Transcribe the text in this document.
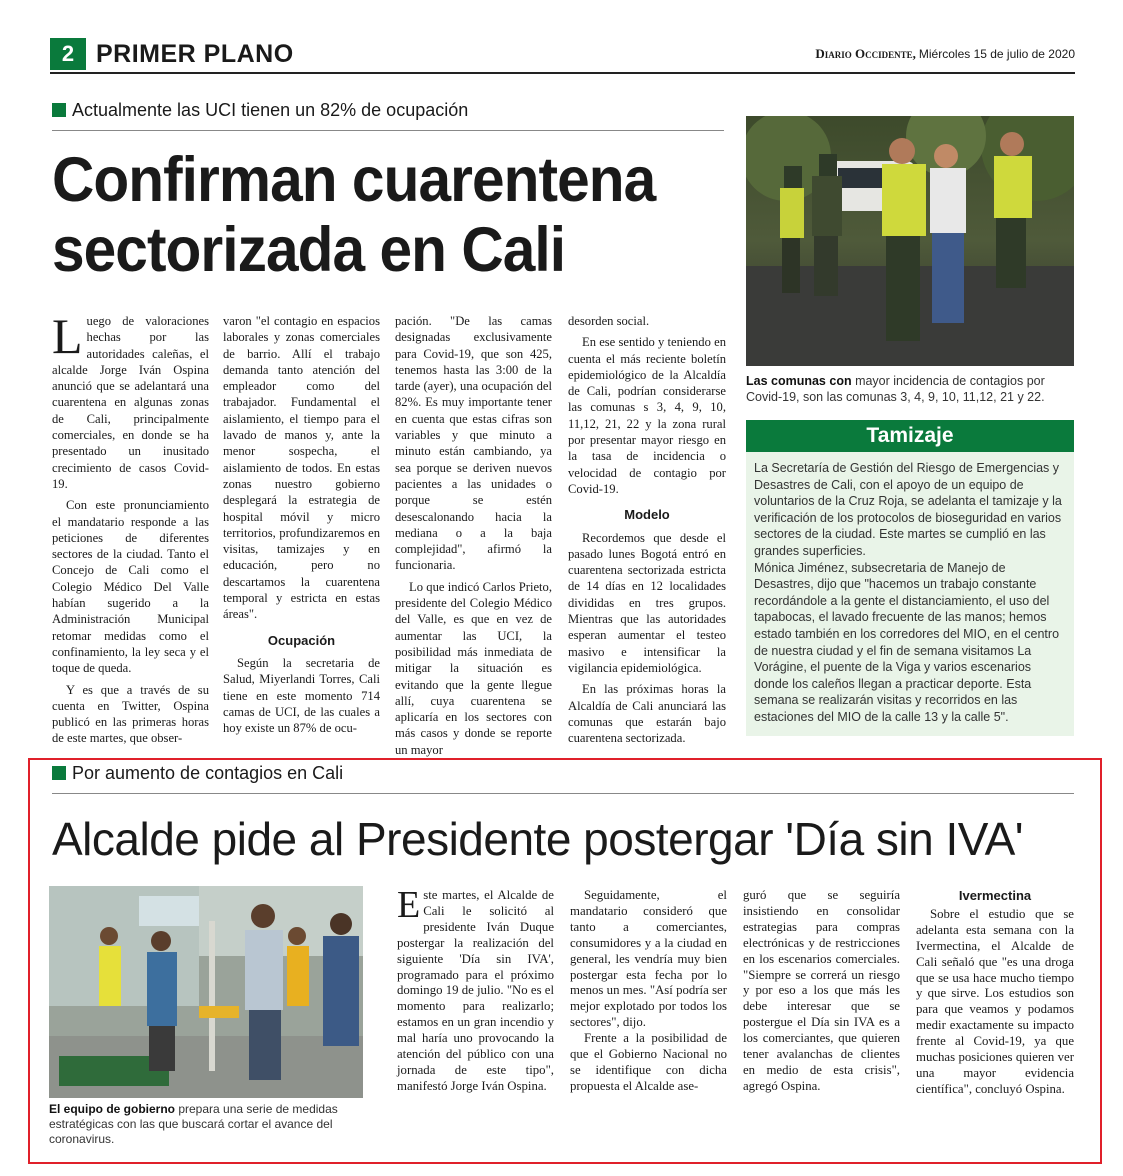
2 PRIMER PLANO	Diario Occidente, Miércoles 15 de julio de 2020
Actualmente las UCI tienen un 82% de ocupación
Confirman cuarentena
sectorizada en Cali

Luego de valoraciones hechas por las autoridades caleñas, el alcalde Jorge Iván Ospina anunció que se adelantará una cuarentena en algunas zonas de Cali, principalmente comerciales, en donde se ha presentado un inusitado crecimiento de casos Covid-19.

Con este pronunciamiento el mandatario responde a las peticiones de diferentes sectores de la ciudad. Tanto el Concejo de Cali como el Colegio Médico Del Valle habían sugerido a la Administración Municipal retomar medidas como el confinamiento, la ley seca y el toque de queda.

Y es que a través de su cuenta en Twitter, Ospina publicó en las primeras horas de este martes, que obser-

varon "el contagio en espacios laborales y zonas comerciales de barrio. Allí el trabajo demanda tanto atención del empleador como del trabajador. Fundamental el aislamiento, el tiempo para el lavado de manos y, ante la menor sospecha, el aislamiento de todos. En estas zonas nuestro gobierno desplegará la estrategia de hospital móvil y micro territorios, profundizaremos en visitas, tamizajes y en educación, pero no descartamos la cuarentena temporal y estricta en estas áreas".

Ocupación

Según la secretaria de Salud, Miyerlandi Torres, Cali tiene en este momento 714 camas de UCI, de las cuales a hoy existe un 87% de ocu-

pación. "De las camas designadas exclusivamente para Covid-19, que son 425, tenemos hasta las 3:00 de la tarde (ayer), una ocupación del 82%. Es muy importante tener en cuenta que estas cifras son variables y que minuto a minuto están cambiando, ya sea porque se deriven nuevos pacientes a las unidades o porque se estén desescalonando hacia la mediana o a la baja complejidad", afirmó la funcionaria.

Lo que indicó Carlos Prieto, presidente del Colegio Médico del Valle, es que en vez de aumentar las UCI, la posibilidad más inmediata de mitigar la situación es evitando que la gente llegue allí, cuya cuarentena se aplicaría en los sectores con más casos y donde se reporte un mayor

desorden social.

En ese sentido y teniendo en cuenta el más reciente boletín epidemiológico de la Alcaldía de Cali, podrían considerarse las comunas s 3, 4, 9, 10, 11,12, 21, 22 y la zona rural por presentar mayor riesgo en la tasa de incidencia o velocidad de contagio por Covid-19.

Modelo

Recordemos que desde el pasado lunes Bogotá entró en cuarentena sectorizada estricta de 14 días en 12 localidades divididas en tres grupos. Mientras que las autoridades esperan aumentar el testeo masivo e intensificar la vigilancia epidemiológica.

En las próximas horas la Alcaldía de Cali anunciará las comunas que estarán bajo cuarentena sectorizada.

Las comunas con mayor incidencia de contagios por Covid-19, son las comunas 3, 4, 9, 10, 11,12, 21 y 22.
Tamizaje

La Secretaría de Gestión del Riesgo de Emergencias y Desastres de Cali, con el apoyo de un equipo de voluntarios de la Cruz Roja, se adelanta el tamizaje y la verificación de los protocolos de bioseguridad en varios sectores de la ciudad. Este martes se cumplió en las grandes superficies.

Mónica Jiménez, subsecretaria de Manejo de Desastres, dijo que "hacemos un trabajo constante recordándole a la gente el distanciamiento, el uso del tapabocas, el lavado frecuente de las manos; hemos estado también en los corredores del MIO, en el centro de nuestra ciudad y el fin de semana visitamos La Vorágine, el puente de la Viga y varios escenarios donde los caleños llegan a practicar deporte. Esta semana se realizarán visitas y recorridos en las estaciones del MIO de la calle 13 y la calle 5".

Por aumento de contagios en Cali
Alcalde pide al Presidente postergar 'Día sin IVA'
El equipo de gobierno prepara una serie de medidas estratégicas con las que buscará cortar el avance del coronavirus.

Este martes, el Alcalde de Cali le solicitó al presidente Iván Duque postergar la realización del siguiente 'Día sin IVA', programado para el próximo domingo 19 de julio. "No es el momento para realizarlo; estamos en un gran incendio y mal haría uno provocando la atención del público con una jornada de este tipo", manifestó Jorge Iván Ospina.

Seguidamente, el mandatario consideró que tanto a comerciantes, consumidores y a la ciudad en general, les vendría muy bien postergar esta fecha por lo menos un mes. "Así podría ser mejor explotado por todos los sectores", dijo.

Frente a la posibilidad de que el Gobierno Nacional no se identifique con dicha propuesta el Alcalde ase-

guró que se seguiría insistiendo en consolidar estrategias para compras electrónicas y de restricciones en los escenarios comerciales. "Siempre se correrá un riesgo y por eso a los que más les debe interesar que se postergue el Día sin IVA es a los comerciantes, que quieren tener avalanchas de clientes en medio de esta crisis", agregó Ospina.

Ivermectina

Sobre el estudio que se adelanta esta semana con la Ivermectina, el Alcalde de Cali señaló que "es una droga que se usa hace mucho tiempo y que sirve. Los estudios son para que veamos y podamos medir exactamente su impacto frente al Covid-19, ya que muchas posiciones quieren ver una mayor evidencia científica", concluyó Ospina.
